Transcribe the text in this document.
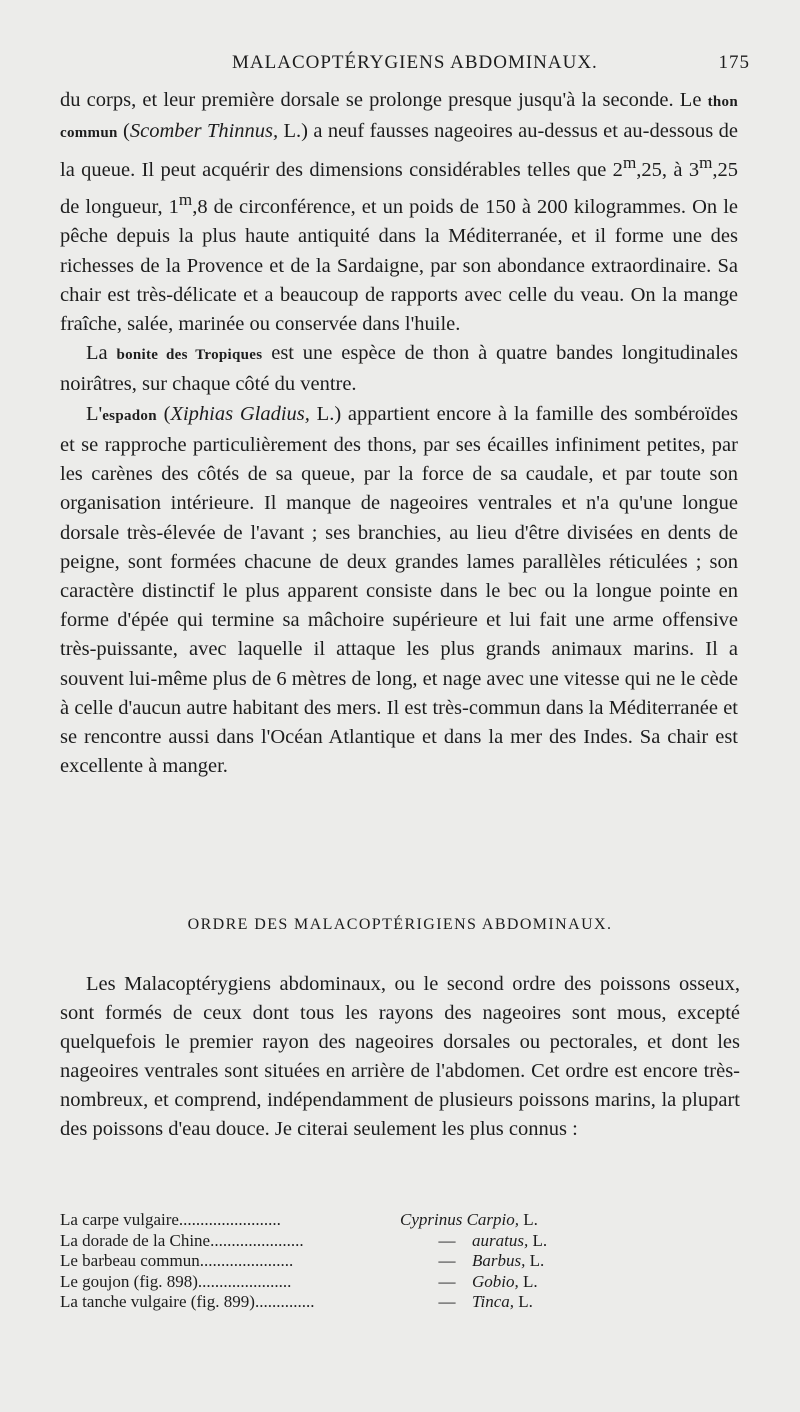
MALACOPTÉRYGIENS ABDOMINAUX.	175

du corps, et leur première dorsale se prolonge presque jusqu'à la seconde. Le thon commun (Scomber Thinnus, L.) a neuf fausses nageoires au-dessus et au-dessous de la queue. Il peut acquérir des dimensions considérables telles que 2$^m$,25, à 3$^m$,25 de longueur, 1$^m$,8 de circonférence, et un poids de 150 à 200 kilogrammes. On le pêche depuis la plus haute antiquité dans la Méditerranée, et il forme une des richesses de la Provence et de la Sardaigne, par son abondance extraordinaire. Sa chair est très-délicate et a beaucoup de rapports avec celle du veau. On la mange fraîche, salée, marinée ou conservée dans l'huile.

La bonite des Tropiques est une espèce de thon à quatre bandes longitudinales noirâtres, sur chaque côté du ventre.

L'espadon (Xiphias Gladius, L.) appartient encore à la famille des sombéroïdes et se rapproche particulièrement des thons, par ses écailles infiniment petites, par les carènes des côtés de sa queue, par la force de sa caudale, et par toute son organisation intérieure. Il manque de nageoires ventrales et n'a qu'une longue dorsale très-élevée de l'avant ; ses branchies, au lieu d'être divisées en dents de peigne, sont formées chacune de deux grandes lames parallèles réticulées ; son caractère distinctif le plus apparent consiste dans le bec ou la longue pointe en forme d'épée qui termine sa mâchoire supérieure et lui fait une arme offensive très-puissante, avec laquelle il attaque les plus grands animaux marins. Il a souvent lui-même plus de 6 mètres de long, et nage avec une vitesse qui ne le cède à celle d'aucun autre habitant des mers. Il est très-commun dans la Méditerranée et se rencontre aussi dans l'Océan Atlantique et dans la mer des Indes. Sa chair est excellente à manger.

ORDRE DES MALACOPTÉRIGIENS ABDOMINAUX.

Les Malacoptérygiens abdominaux, ou le second ordre des poissons osseux, sont formés de ceux dont tous les rayons des nageoires sont mous, excepté quelquefois le premier rayon des nageoires dorsales ou pectorales, et dont les nageoires ventrales sont situées en arrière de l'abdomen. Cet ordre est encore très-nombreux, et comprend, indépendamment de plusieurs poissons marins, la plupart des poissons d'eau douce. Je citerai seulement les plus connus :

La carpe vulgaire........................	Cyprinus Carpio, L.
La dorade de la Chine......................	— auratus, L.
Le barbeau commun......................	— Barbus, L.
Le goujon (fig. 898)......................	— Gobio, L.
La tanche vulgaire (fig. 899)..............	— Tinca, L.
